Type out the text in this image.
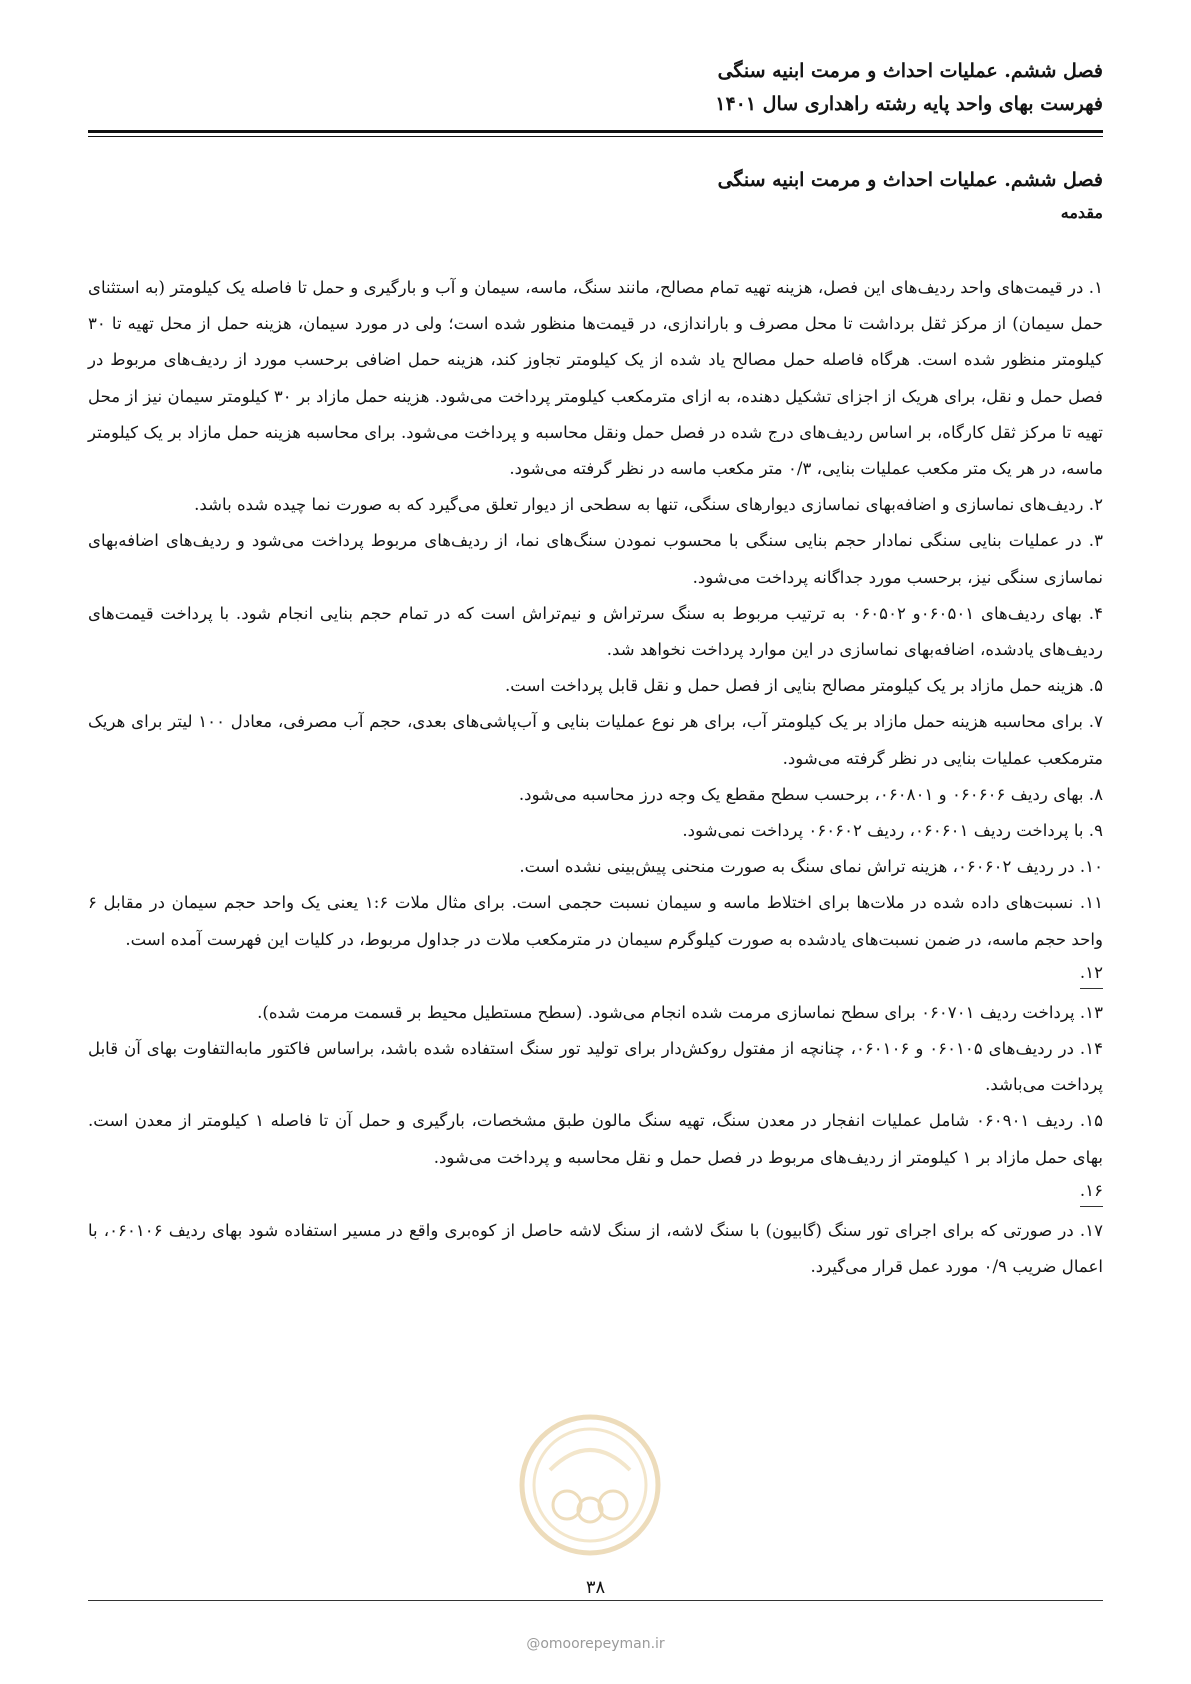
فصل ششم. عملیات احداث و مرمت ابنیه سنگی
فهرست بهای واحد پایه رشته راهداری سال ۱۴۰۱
فصل ششم. عملیات احداث و مرمت ابنیه سنگی
مقدمه

۱. در قیمت‌های واحد ردیف‌های این فصل، هزینه تهیه تمام مصالح، مانند سنگ، ماسه، سیمان و آب و بارگیری و حمل تا فاصله یک کیلومتر (به استثنای حمل سیمان) از مرکز ثقل برداشت تا محل مصرف و باراندازی، در قیمت‌ها منظور شده است؛ ولی در مورد سیمان، هزینه حمل از محل تهیه تا ۳۰ کیلومتر منظور شده است. هرگاه فاصله حمل مصالح یاد شده از یک کیلومتر تجاوز کند، هزینه حمل اضافی برحسب مورد از ردیف‌های مربوط در فصل حمل و نقل، برای هریک از اجزای تشکیل دهنده، به ازای مترمکعب کیلومتر پرداخت می‌شود. هزینه حمل مازاد بر ۳۰ کیلومتر سیمان نیز از محل تهیه تا مرکز ثقل کارگاه، بر اساس ردیف‌های درج شده در فصل حمل ونقل محاسبه و پرداخت می‌شود. برای محاسبه هزینه حمل مازاد بر یک کیلومتر ماسه، در هر یک متر مکعب عملیات بنایی، ۰/۳ متر مکعب ماسه در نظر گرفته می‌شود.

۲. ردیف‌های نماسازی و اضافه‌بهای نماسازی دیوارهای سنگی، تنها به سطحی از دیوار تعلق می‌گیرد که به صورت نما چیده شده باشد.

۳. در عملیات بنایی سنگی نمادار حجم بنایی سنگی با محسوب نمودن سنگ‌های نما، از ردیف‌های مربوط پرداخت می‌شود و ردیف‌های اضافه‌بهای نماسازی سنگی نیز، برحسب مورد جداگانه پرداخت می‌شود.

۴. بهای ردیف‌های ۰۶۰۵۰۱و ۰۶۰۵۰۲ به ترتیب مربوط به سنگ سرتراش و نیم‌تراش است که در تمام حجم بنایی انجام شود. با پرداخت قیمت‌های ردیف‌های یادشده، اضافه‌بهای نماسازی در این موارد پرداخت نخواهد شد.

۵. هزینه حمل مازاد بر یک کیلومتر مصالح بنایی از فصل حمل و نقل قابل پرداخت است.

۷. برای محاسبه هزینه حمل مازاد بر یک کیلومتر آب، برای هر نوع عملیات بنایی و آب‌پاشی‌های بعدی، حجم آب مصرفی، معادل ۱۰۰ لیتر برای هریک مترمکعب عملیات بنایی در نظر گرفته می‌شود.

۸. بهای ردیف ۰۶۰۶۰۶ و ۰۶۰۸۰۱، برحسب سطح مقطع یک وجه درز محاسبه می‌شود.

۹. با پرداخت ردیف ۰۶۰۶۰۱، ردیف ۰۶۰۶۰۲ پرداخت نمی‌شود.

۱۰. در ردیف ۰۶۰۶۰۲، هزینه تراش نمای سنگ به صورت منحنی پیش‌بینی نشده است.

۱۱. نسبت‌های داده شده در ملات‌ها برای اختلاط ماسه و سیمان نسبت حجمی است. برای مثال ملات ۱:۶ یعنی یک واحد حجم سیمان در مقابل ۶ واحد حجم ماسه، در ضمن نسبت‌های یادشده به صورت کیلوگرم سیمان در مترمکعب ملات در جداول مربوط، در کلیات این فهرست آمده است.

۱۲.

۱۳. پرداخت ردیف ۰۶۰۷۰۱ برای سطح نماسازی مرمت شده انجام می‌شود. (سطح مستطیل محیط بر قسمت مرمت شده).

۱۴. در ردیف‌های ۰۶۰۱۰۵ و ۰۶۰۱۰۶، چنانچه از مفتول روکش‌دار برای تولید تور سنگ استفاده شده باشد، براساس فاکتور مابه‌التفاوت بهای آن قابل پرداخت می‌باشد.

۱۵. ردیف ۰۶۰۹۰۱ شامل عملیات انفجار در معدن سنگ، تهیه سنگ مالون طبق مشخصات، بارگیری و حمل آن تا فاصله ۱ کیلومتر از معدن است. بهای حمل مازاد بر ۱ کیلومتر از ردیف‌های مربوط در فصل حمل و نقل محاسبه و پرداخت می‌شود.

۱۶.

۱۷. در صورتی که برای اجرای تور سنگ (گابیون) با سنگ لاشه، از سنگ لاشه حاصل از کوه‌بری واقع در مسیر استفاده شود بهای ردیف ۰۶۰۱۰۶، با اعمال ضریب ۰/۹ مورد عمل قرار می‌گیرد.

۳۸
@omoorepeyman.ir
